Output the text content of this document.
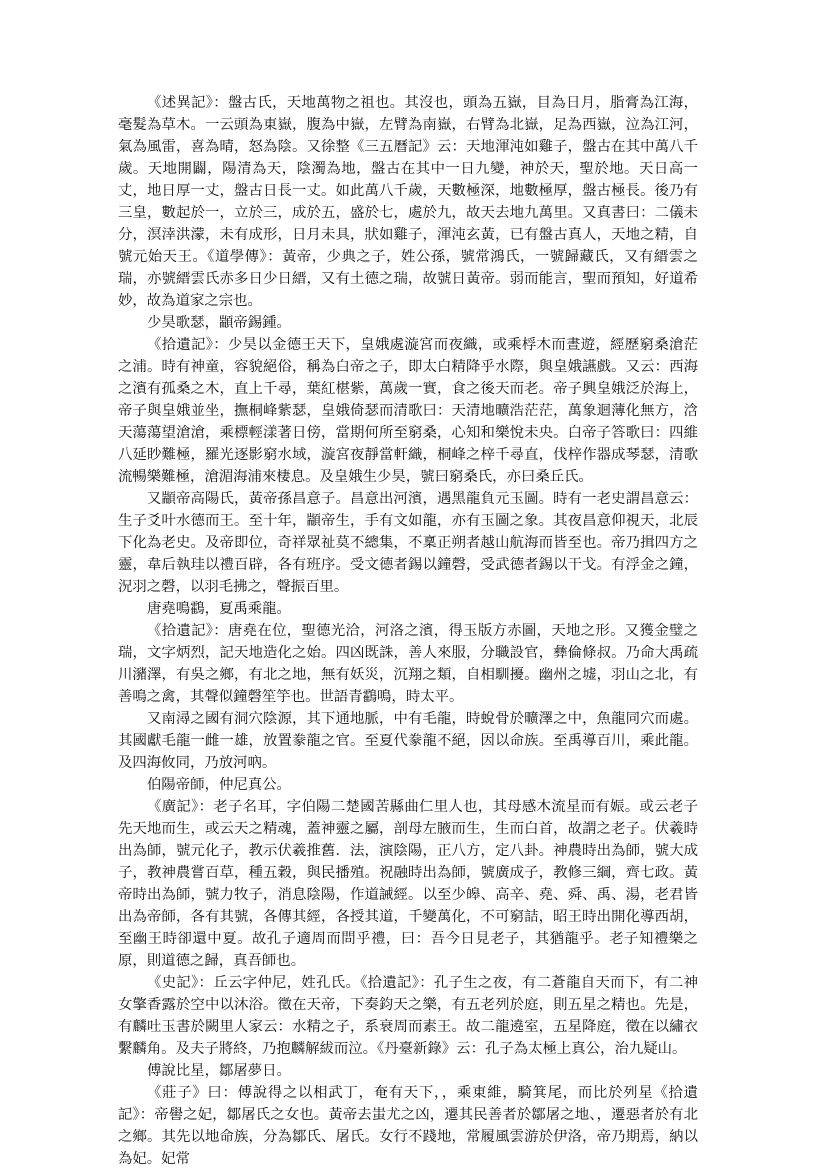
《述異記》：盤古氏，天地萬物之祖也。其沒也，頭為五嶽，目為日月，脂膏為江海，毫髮為草木。一云頭為東嶽，腹為中嶽，左臂為南嶽，右臂為北嶽，足為西嶽，泣為江河，氣為風雷，喜為晴，怒為陰。又徐整《三五曆記》云：天地渾沌如雞子，盤古在其中萬八千歲。天地開闢，陽清為天，陰濁為地，盤古在其中一日九變，神於天，聖於地。天日高一丈，地日厚一丈，盤古日長一丈。如此萬八千歲，天數極深，地數極厚，盤古極長。後乃有三皇，數起於一，立於三，成於五，盛於七，處於九，故天去地九萬里。又真書曰：二儀未分，溟涬洪濛，未有成形，日月未具，狀如雞子，渾沌玄黃，已有盤古真人，天地之精，自號元始天王。《道學傳》：黃帝，少典之子，姓公孫，號常鴻氏，一號歸藏氏，又有縉雲之瑞，亦號縉雲氏赤多日少日縉，又有土德之瑞，故號日黃帝。弱而能言，聖而預知，好道希妙，故為道家之宗也。

少昊歌瑟，顓帝錫鍾。

《拾遺記》：少昊以金德王天下，皇娥處漩宮而夜織，或乘桴木而晝遊，經歷窮桑滄茫之浦。時有神童，容貌絕俗，稱為白帝之子，即太白精降乎水際，與皇娥讌戲。又云：西海之濱有孤桑之木，直上千尋，葉紅椹紫，萬歲一實，食之後天而老。帝子興皇娥泛於海上，帝子與皇娥並坐，撫桐峰紫瑟，皇娥倚瑟而清歌曰：天清地曠浩茫茫，萬象迴薄化無方，浛天蕩蕩望滄滄，乘標輕漾著日傍，當期何所至窮桑，心知和樂悅未央。白帝子答歌曰：四維八延眇難極，羅光逐影窮水域，漩宮夜靜當軒織，桐峰之梓千尋直，伐梓作器成琴瑟，清歌流暢樂難極，滄湄海浦來棲息。及皇娥生少昊，號曰窮桑氏，亦曰桑丘氏。

又顓帝高陽氏，黃帝孫昌意子。昌意出河濱，遇黑龍負元玉圖。時有一老史謂昌意云：生子爻叶水德而王。至十年，顓帝生，手有文如龍，亦有玉圖之象。其夜昌意仰視天，北辰下化為老史。及帝即位，奇祥眾祉莫不總集，不稟正朔者越山航海而皆至也。帝乃揖四方之靈，韋后執珪以禮百辟，各有班序。受文德者錫以鐘磬，受武德者錫以干戈。有浮金之鐘，況羽之磬，以羽毛拂之，聲振百里。

唐堯鳴鸖，夏禹乘龍。

《拾遺記》：唐堯在位，聖德光洽，河洛之濱，得玉版方赤圖，天地之形。又獲金璧之瑞，文字炳烈，記天地造化之始。四凶既誅，善人來服，分職設官，彝倫條叔。乃命大禹疏川瀦澤，有吳之鄉，有北之地，無有妖災，沉翔之類，自相馴擾。幽州之墟，羽山之北，有善鳴之禽，其聲似鐘磬笙竽也。世語青鸖鳴，時太平。

又南潯之國有洞穴陰源，其下通地脈，中有毛龍，時蛻骨於曠澤之中，魚龍同穴而處。其國獻毛龍一雌一雄，放置豢龍之官。至夏代豢龍不絕，因以命族。至禹導百川，乘此龍。及四海攸同，乃放河吶。

伯陽帝師，仲尼真公。

《廣記》：老子名耳，字伯陽二楚國苦縣曲仁里人也，其母感木流星而有娠。或云老子先天地而生，或云天之精魂，蓋神靈之屬，剖母左腋而生，生而白首，故謂之老子。伏羲時出為師，號元化子，教示伏羲推舊．法，演陰陽，正八方，定八卦。神農時出為師，號大成子，教神農嘗百草，種五穀，與民播殖。祝融時出為師，號廣成子，教修三綱，齊七政。黃帝時出為師，號力牧子，消息陰陽，作道誡經。以至少皞、高辛、堯、舜、禹、湯，老君皆出為帝師，各有其號，各傳其經，各授其道，千變萬化，不可窮詰，昭王時出開化導西胡，至幽王時卻還中夏。故孔子適周而問乎禮，曰：吾今日見老子，其猶龍乎。老子知禮樂之原，則道德之歸，真吾師也。

《史記》：丘云字仲尼，姓孔氏。《拾遺記》：孔子生之夜，有二蒼龍自天而下，有二神女擎香露於空中以沐浴。徵在天帝，下奏鈞天之樂，有五老列於庭，則五星之精也。先是，有麟吐玉書於闕里人家云：水精之子，系衰周而素王。故二龍遶室，五星降庭，徵在以繡衣繫麟角。及夫子將終，乃抱麟解紱而泣。《丹臺新錄》云：孔子為太極上真公，治九疑山。

傅說比星，鄒屠夢日。

《莊子》曰：傅說得之以相武丁，奄有天下，，乘東維，騎箕尾，而比於列星《拾遺記》：帝嚳之妃，鄒屠氏之女也。黃帝去蚩尤之凶，遷其民善者於鄒屠之地、，遷惡者於有北之鄉。其先以地命族，分為鄒氏、屠氏。女行不踐地，常履風雲游於伊洛，帝乃期焉，納以為妃。妃常
